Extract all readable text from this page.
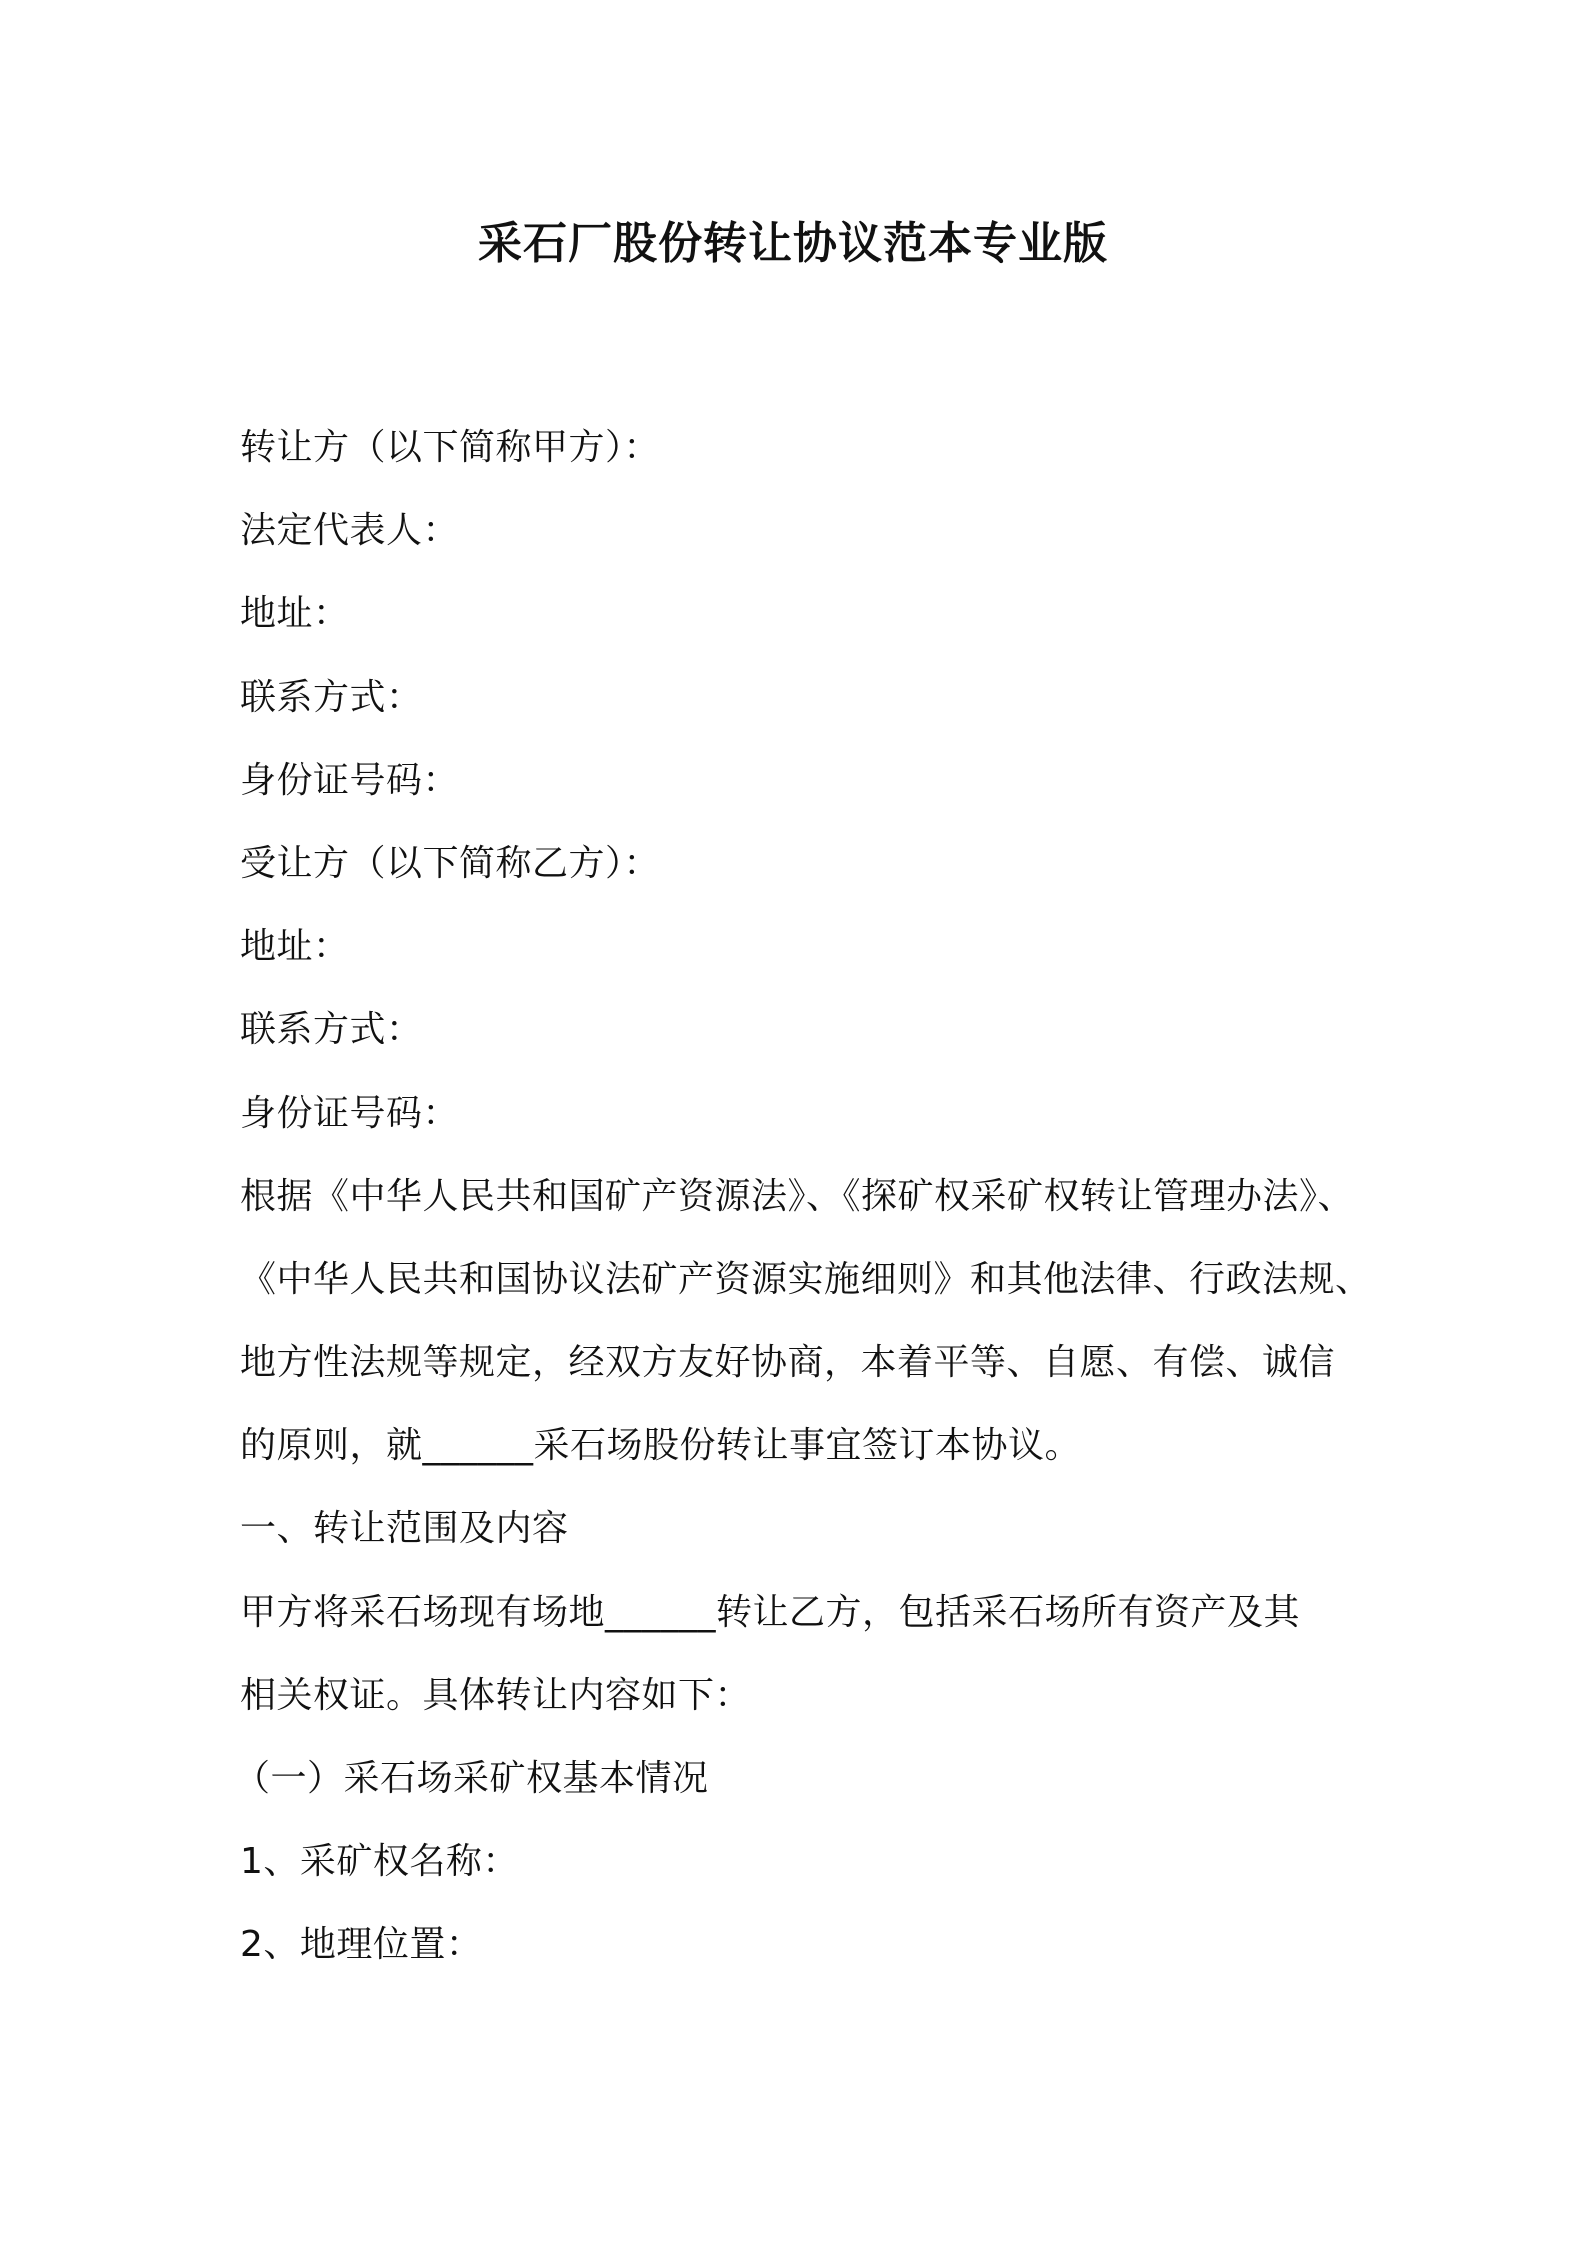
采石厂股份转让协议范本专业版
转让方（以下简称甲方）：
法定代表人：
地址：
联系方式：
身份证号码：
受让方（以下简称乙方）：
地址：
联系方式：
身份证号码：
根据《中华人民共和国矿产资源法》、《探矿权采矿权转让管理办法》、
《中华人民共和国协议法矿产资源实施细则》和其他法律、行政法规、
地方性法规等规定，经双方友好协商，本着平等、自愿、有偿、诚信
的原则，就______采石场股份转让事宜签订本协议。
一、转让范围及内容
甲方将采石场现有场地______转让乙方，包括采石场所有资产及其
相关权证。具体转让内容如下：
（一）采石场采矿权基本情况
1、采矿权名称：
2、地理位置：
